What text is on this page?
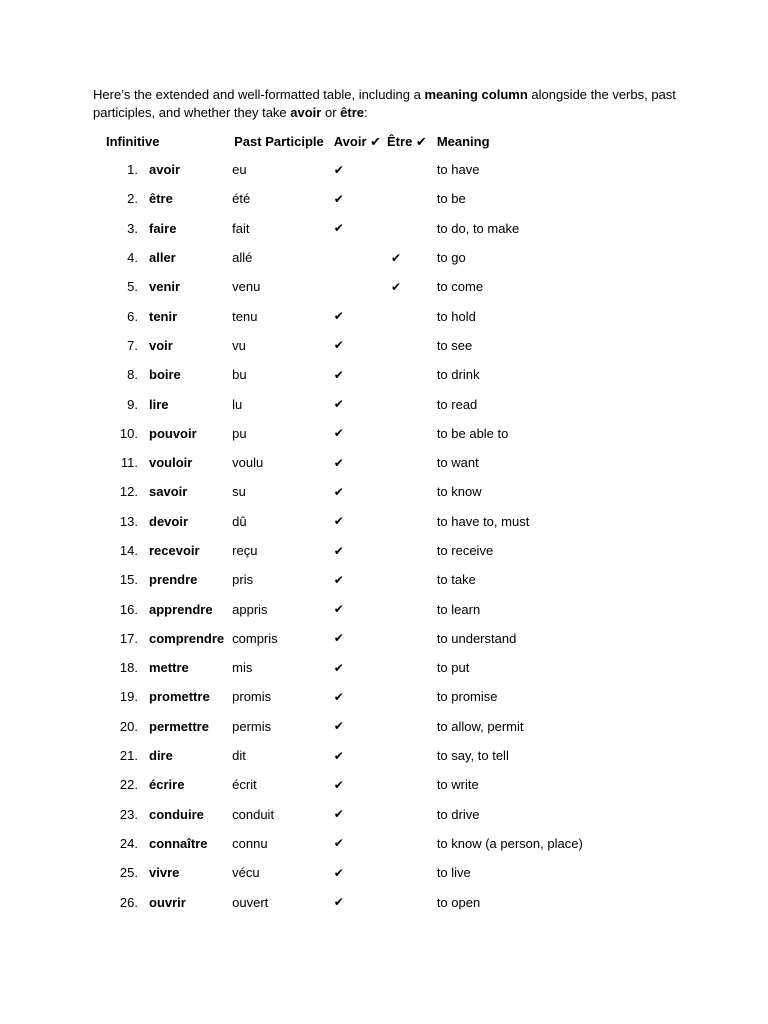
Here’s the extended and well-formatted table, including a meaning column alongside the verbs, past participles, and whether they take avoir or être:

Infinitive		Past Participle	Avoir ✔	Être ✔	Meaning
1.	avoir	eu	✔		to have
2.	être	été	✔		to be
3.	faire	fait	✔		to do, to make
4.	aller	allé		✔	to go
5.	venir	venu		✔	to come
6.	tenir	tenu	✔		to hold
7.	voir	vu	✔		to see
8.	boire	bu	✔		to drink
9.	lire	lu	✔		to read
10.	pouvoir	pu	✔		to be able to
11.	vouloir	voulu	✔		to want
12.	savoir	su	✔		to know
13.	devoir	dû	✔		to have to, must
14.	recevoir	reçu	✔		to receive
15.	prendre	pris	✔		to take
16.	apprendre	appris	✔		to learn
17.	comprendre	compris	✔		to understand
18.	mettre	mis	✔		to put
19.	promettre	promis	✔		to promise
20.	permettre	permis	✔		to allow, permit
21.	dire	dit	✔		to say, to tell
22.	écrire	écrit	✔		to write
23.	conduire	conduit	✔		to drive
24.	connaître	connu	✔		to know (a person, place)
25.	vivre	vécu	✔		to live
26.	ouvrir	ouvert	✔		to open
